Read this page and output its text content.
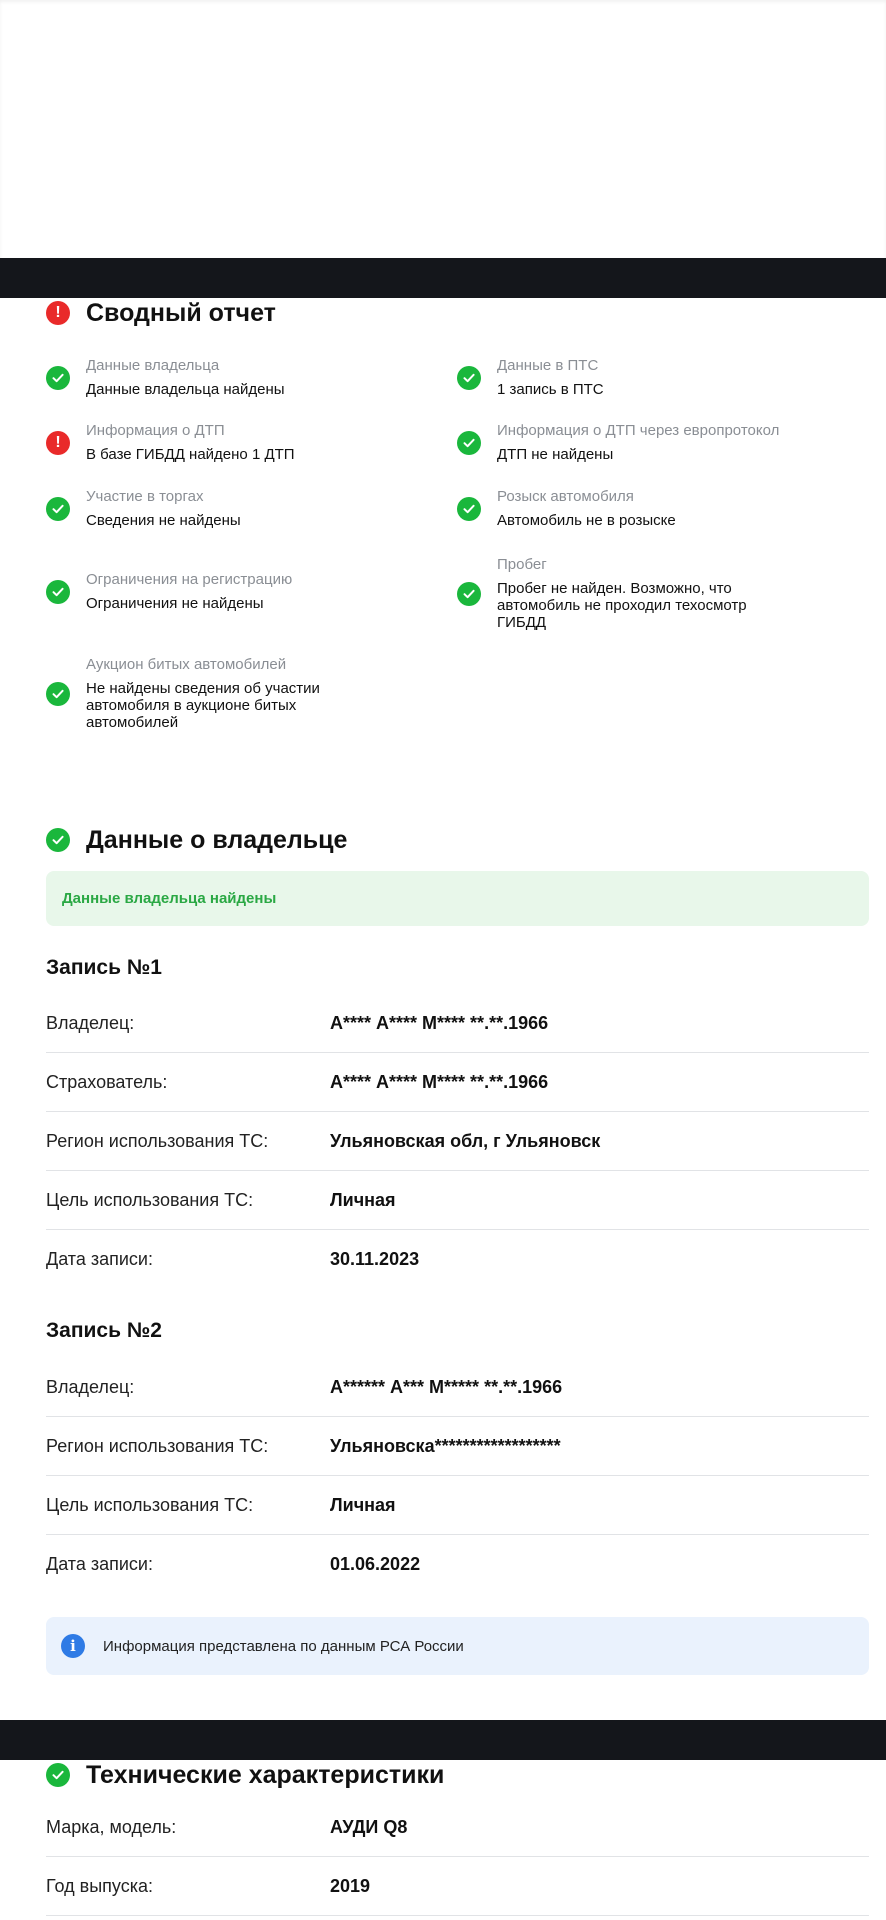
!	Сводный отчет
Данные владельца
Данные владельца найдены
Данные в ПТС
1 запись в ПТС
!
Информация о ДТП
В базе ГИБДД найдено 1 ДТП
Информация о ДТП через европротокол
ДТП не найдены
Участие в торгах
Сведения не найдены
Розыск автомобиля
Автомобиль не в розыске
Ограничения на регистрацию
Ограничения не найдены
Пробег
Пробег не найден. Возможно, что автомобиль не проходил техосмотр ГИБДД
Аукцион битых автомобилей
Не найдены сведения об участии автомобиля в аукционе битых автомобилей
Данные о владельце
Данные владельца найдены
Запись №1
Владелец:	А**** А**** М**** **.**.1966
Страхователь:	А**** А**** М**** **.**.1966
Регион использования ТС:	Ульяновская обл, г Ульяновск
Цель использования ТС:	Личная
Дата записи:	30.11.2023
Запись №2
Владелец:	А****** А*** М***** **.**.1966
Регион использования ТС:	Ульяновска******************
Цель использования ТС:	Личная
Дата записи:	01.06.2022
i	Информация представлена по данным РСА России
Технические характеристики
Марка, модель:	АУДИ Q8
Год выпуска:	2019
